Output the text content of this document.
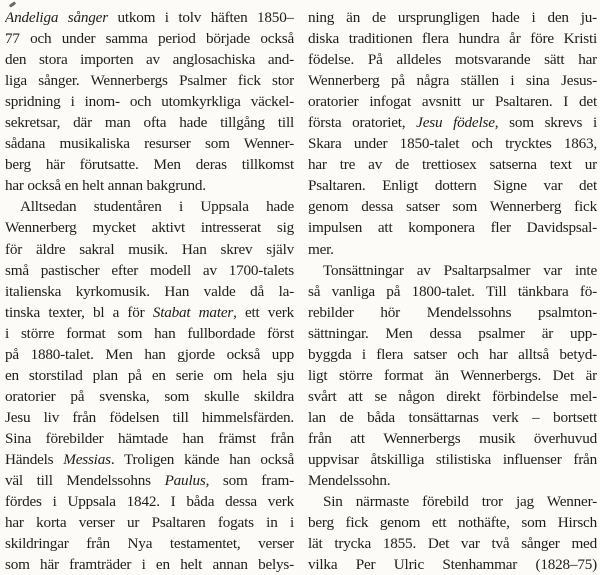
Andeliga sånger utkom i tolv häften 1850–
77 och under samma period började också
den stora importen av anglosachiska and-
liga sånger. Wennerbergs Psalmer fick stor
spridning i inom- och utomkyrkliga väckel-
sekretsar, där man ofta hade tillgång till
sådana musikaliska resurser som Wenner-
berg här förutsatte. Men deras tillkomst
har också en helt annan bakgrund.
Alltsedan studentåren i Uppsala hade
Wennerberg mycket aktivt intresserat sig
för äldre sakral musik. Han skrev själv
små pastischer efter modell av 1700-talets
italienska kyrkomusik. Han valde då la-
tinska texter, bl a för Stabat mater, ett verk
i större format som han fullbordade först
på 1880-talet. Men han gjorde också upp
en storstilad plan på en serie om hela sju
oratorier på svenska, som skulle skildra
Jesu liv från födelsen till himmelsfärden.
Sina förebilder hämtade han främst från
Händels Messias. Troligen kände han också
väl till Mendelssohns Paulus, som fram-
fördes i Uppsala 1842. I båda dessa verk
har korta verser ur Psaltaren fogats in i
skildringar från Nya testamentet, verser
som här framträder i en helt annan belys-
ning än de ursprungligen hade i den ju-
diska traditionen flera hundra år före Kristi
födelse. På alldeles motsvarande sätt har
Wennerberg på några ställen i sina Jesus-
oratorier infogat avsnitt ur Psaltaren. I det
första oratoriet, Jesu födelse, som skrevs i
Skara under 1850-talet och trycktes 1863,
har tre av de trettiosex satserna text ur
Psaltaren. Enligt dottern Signe var det
genom dessa satser som Wennerberg fick
impulsen att komponera fler Davidspsal-
mer.
Tonsättningar av Psaltarpsalmer var inte
så vanliga på 1800-talet. Till tänkbara fö-
rebilder hör Mendelssohns psalmton-
sättningar. Men dessa psalmer är upp-
byggda i flera satser och har alltså betyd-
ligt större format än Wennerbergs. Det är
svårt att se någon direkt förbindelse mel-
lan de båda tonsättarnas verk – bortsett
från att Wennerbergs musik överhuvud
uppvisar åtskilliga stilistiska influenser från
Mendelssohn.
Sin närmaste förebild tror jag Wenner-
berg fick genom ett nothäfte, som Hirsch
lät trycka 1855. Det var två sånger med
vilka Per Ulric Stenhammar (1828–75)
